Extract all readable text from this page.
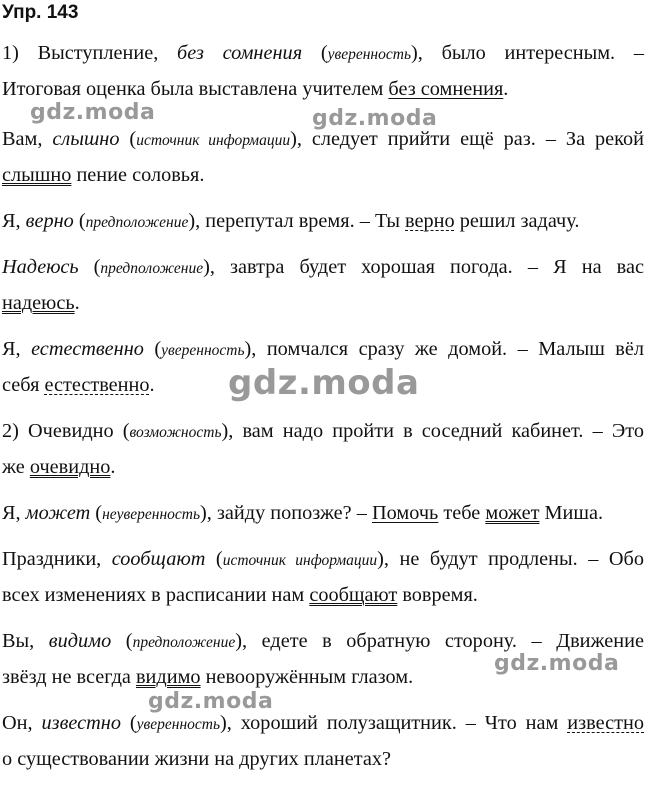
Упр. 143
1) Выступление, без сомнения (уверенность), было интересным. –
Итоговая оценка была выставлена учителем без сомнения.
Вам, слышно (источник информации), следует прийти ещё раз. – За рекой
слышно пение соловья.
Я, верно (предположение), перепутал время. – Ты верно решил задачу.
Надеюсь (предположение), завтра будет хорошая погода. – Я на вас
надеюсь.
Я, естественно (уверенность), помчался сразу же домой. – Малыш вёл
себя естественно.
2) Очевидно (возможность), вам надо пройти в соседний кабинет. – Это
же очевидно.
Я, может (неуверенность), зайду попозже? – Помочь тебе может Миша.
Праздники, сообщают (источник информации), не будут продлены. – Обо
всех изменениях в расписании нам сообщают вовремя.
Вы, видимо (предположение), едете в обратную сторону. – Движение
звёзд не всегда видимо невооружённым глазом.
Он, известно (уверенность), хороший полузащитник. – Что нам известно
о существовании жизни на других планетах?
gdz.moda	gdz.moda
gdz.moda
gdz.moda
gdz.moda
